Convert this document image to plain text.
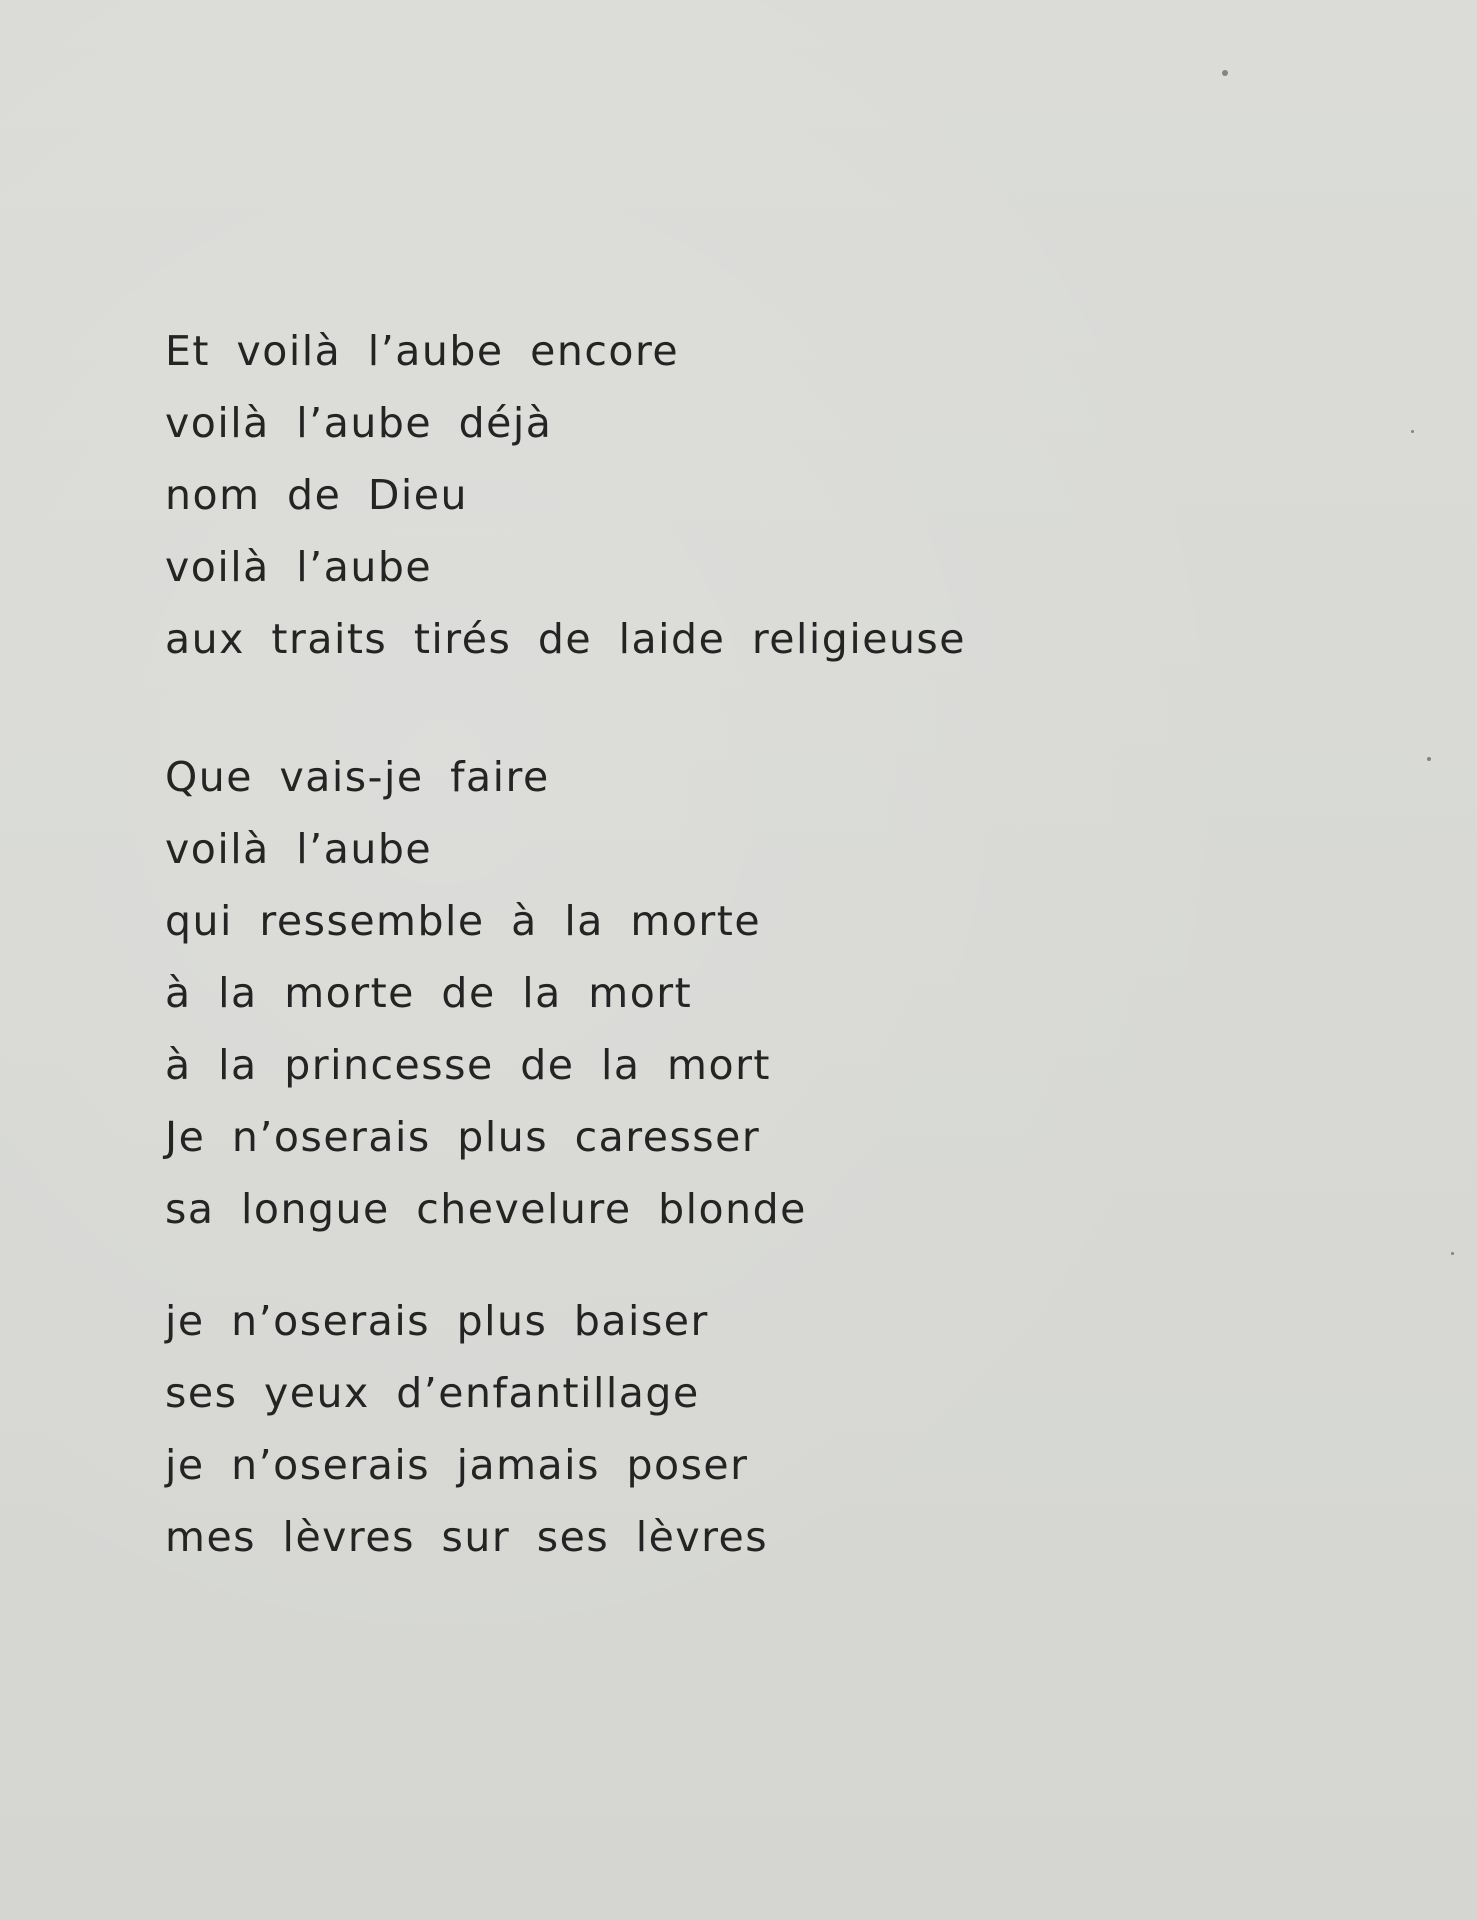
Et voilà l’aube encore
voilà l’aube déjà
nom de Dieu
voilà l’aube
aux traits tirés de laide religieuse
Que vais-je faire
voilà l’aube
qui ressemble à la morte
à la morte de la mort
à la princesse de la mort
Je n’oserais plus caresser
sa longue chevelure blonde
je n’oserais plus baiser
ses yeux d’enfantillage
je n’oserais jamais poser
mes lèvres sur ses lèvres
